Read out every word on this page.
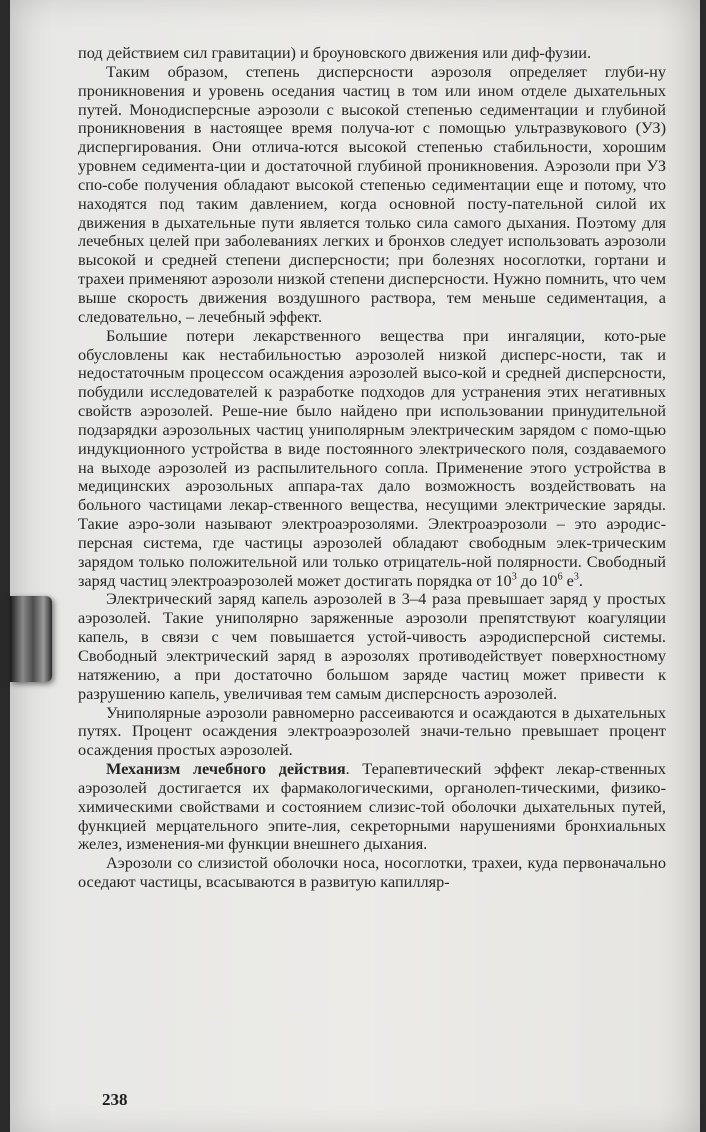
под действием сил гравитации) и броуновского движения или диф-фузии.

Таким образом, степень дисперсности аэрозоля определяет глуби-ну проникновения и уровень оседания частиц в том или ином отделе дыхательных путей. Монодисперсные аэрозоли с высокой степенью седиментации и глубиной проникновения в настоящее время получа-ют с помощью ультразвукового (УЗ) диспергирования. Они отлича-ются высокой степенью стабильности, хорошим уровнем седимента-ции и достаточной глубиной проникновения. Аэрозоли при УЗ спо-собе получения обладают высокой степенью седиментации еще и потому, что находятся под таким давлением, когда основной посту-пательной силой их движения в дыхательные пути является только сила самого дыхания. Поэтому для лечебных целей при заболеваниях легких и бронхов следует использовать аэрозоли высокой и средней степени дисперсности; при болезнях носоглотки, гортани и трахеи применяют аэрозоли низкой степени дисперсности. Нужно помнить, что чем выше скорость движения воздушного раствора, тем меньше седиментация, а следовательно, – лечебный эффект.

Большие потери лекарственного вещества при ингаляции, кото-рые обусловлены как нестабильностью аэрозолей низкой дисперс-ности, так и недостаточным процессом осаждения аэрозолей высо-кой и средней дисперсности, побудили исследователей к разработке подходов для устранения этих негативных свойств аэрозолей. Реше-ние было найдено при использовании принудительной подзарядки аэрозольных частиц униполярным электрическим зарядом с помо-щью индукционного устройства в виде постоянного электрического поля, создаваемого на выходе аэрозолей из распылительного сопла. Применение этого устройства в медицинских аэрозольных аппара-тах дало возможность воздействовать на больного частицами лекар-ственного вещества, несущими электрические заряды. Такие аэро-золи называют электроаэрозолями. Электроаэрозоли – это аэродис-персная система, где частицы аэрозолей обладают свободным элек-трическим зарядом только положительной или только отрицатель-ной полярности. Свободный заряд частиц электроаэрозолей может достигать порядка от $10^3$ до $10^6$ $е^3$.

Электрический заряд капель аэрозолей в 3–4 раза превышает заряд у простых аэрозолей. Такие униполярно заряженные аэрозоли препятствуют коагуляции капель, в связи с чем повышается устой-чивость аэродисперсной системы. Свободный электрический заряд в аэрозолях противодействует поверхностному натяжению, а при достаточно большом заряде частиц может привести к разрушению капель, увеличивая тем самым дисперсность аэрозолей.

Униполярные аэрозоли равномерно рассеиваются и осаждаются в дыхательных путях. Процент осаждения электроаэрозолей значи-тельно превышает процент осаждения простых аэрозолей.

Механизм лечебного действия. Терапевтический эффект лекар-ственных аэрозолей достигается их фармакологическими, органолеп-тическими, физико-химическими свойствами и состоянием слизис-той оболочки дыхательных путей, функцией мерцательного эпите-лия, секреторными нарушениями бронхиальных желез, изменения-ми функции внешнего дыхания.

Аэрозоли со слизистой оболочки носа, носоглотки, трахеи, куда первоначально оседают частицы, всасываются в развитую капилляр-

238
